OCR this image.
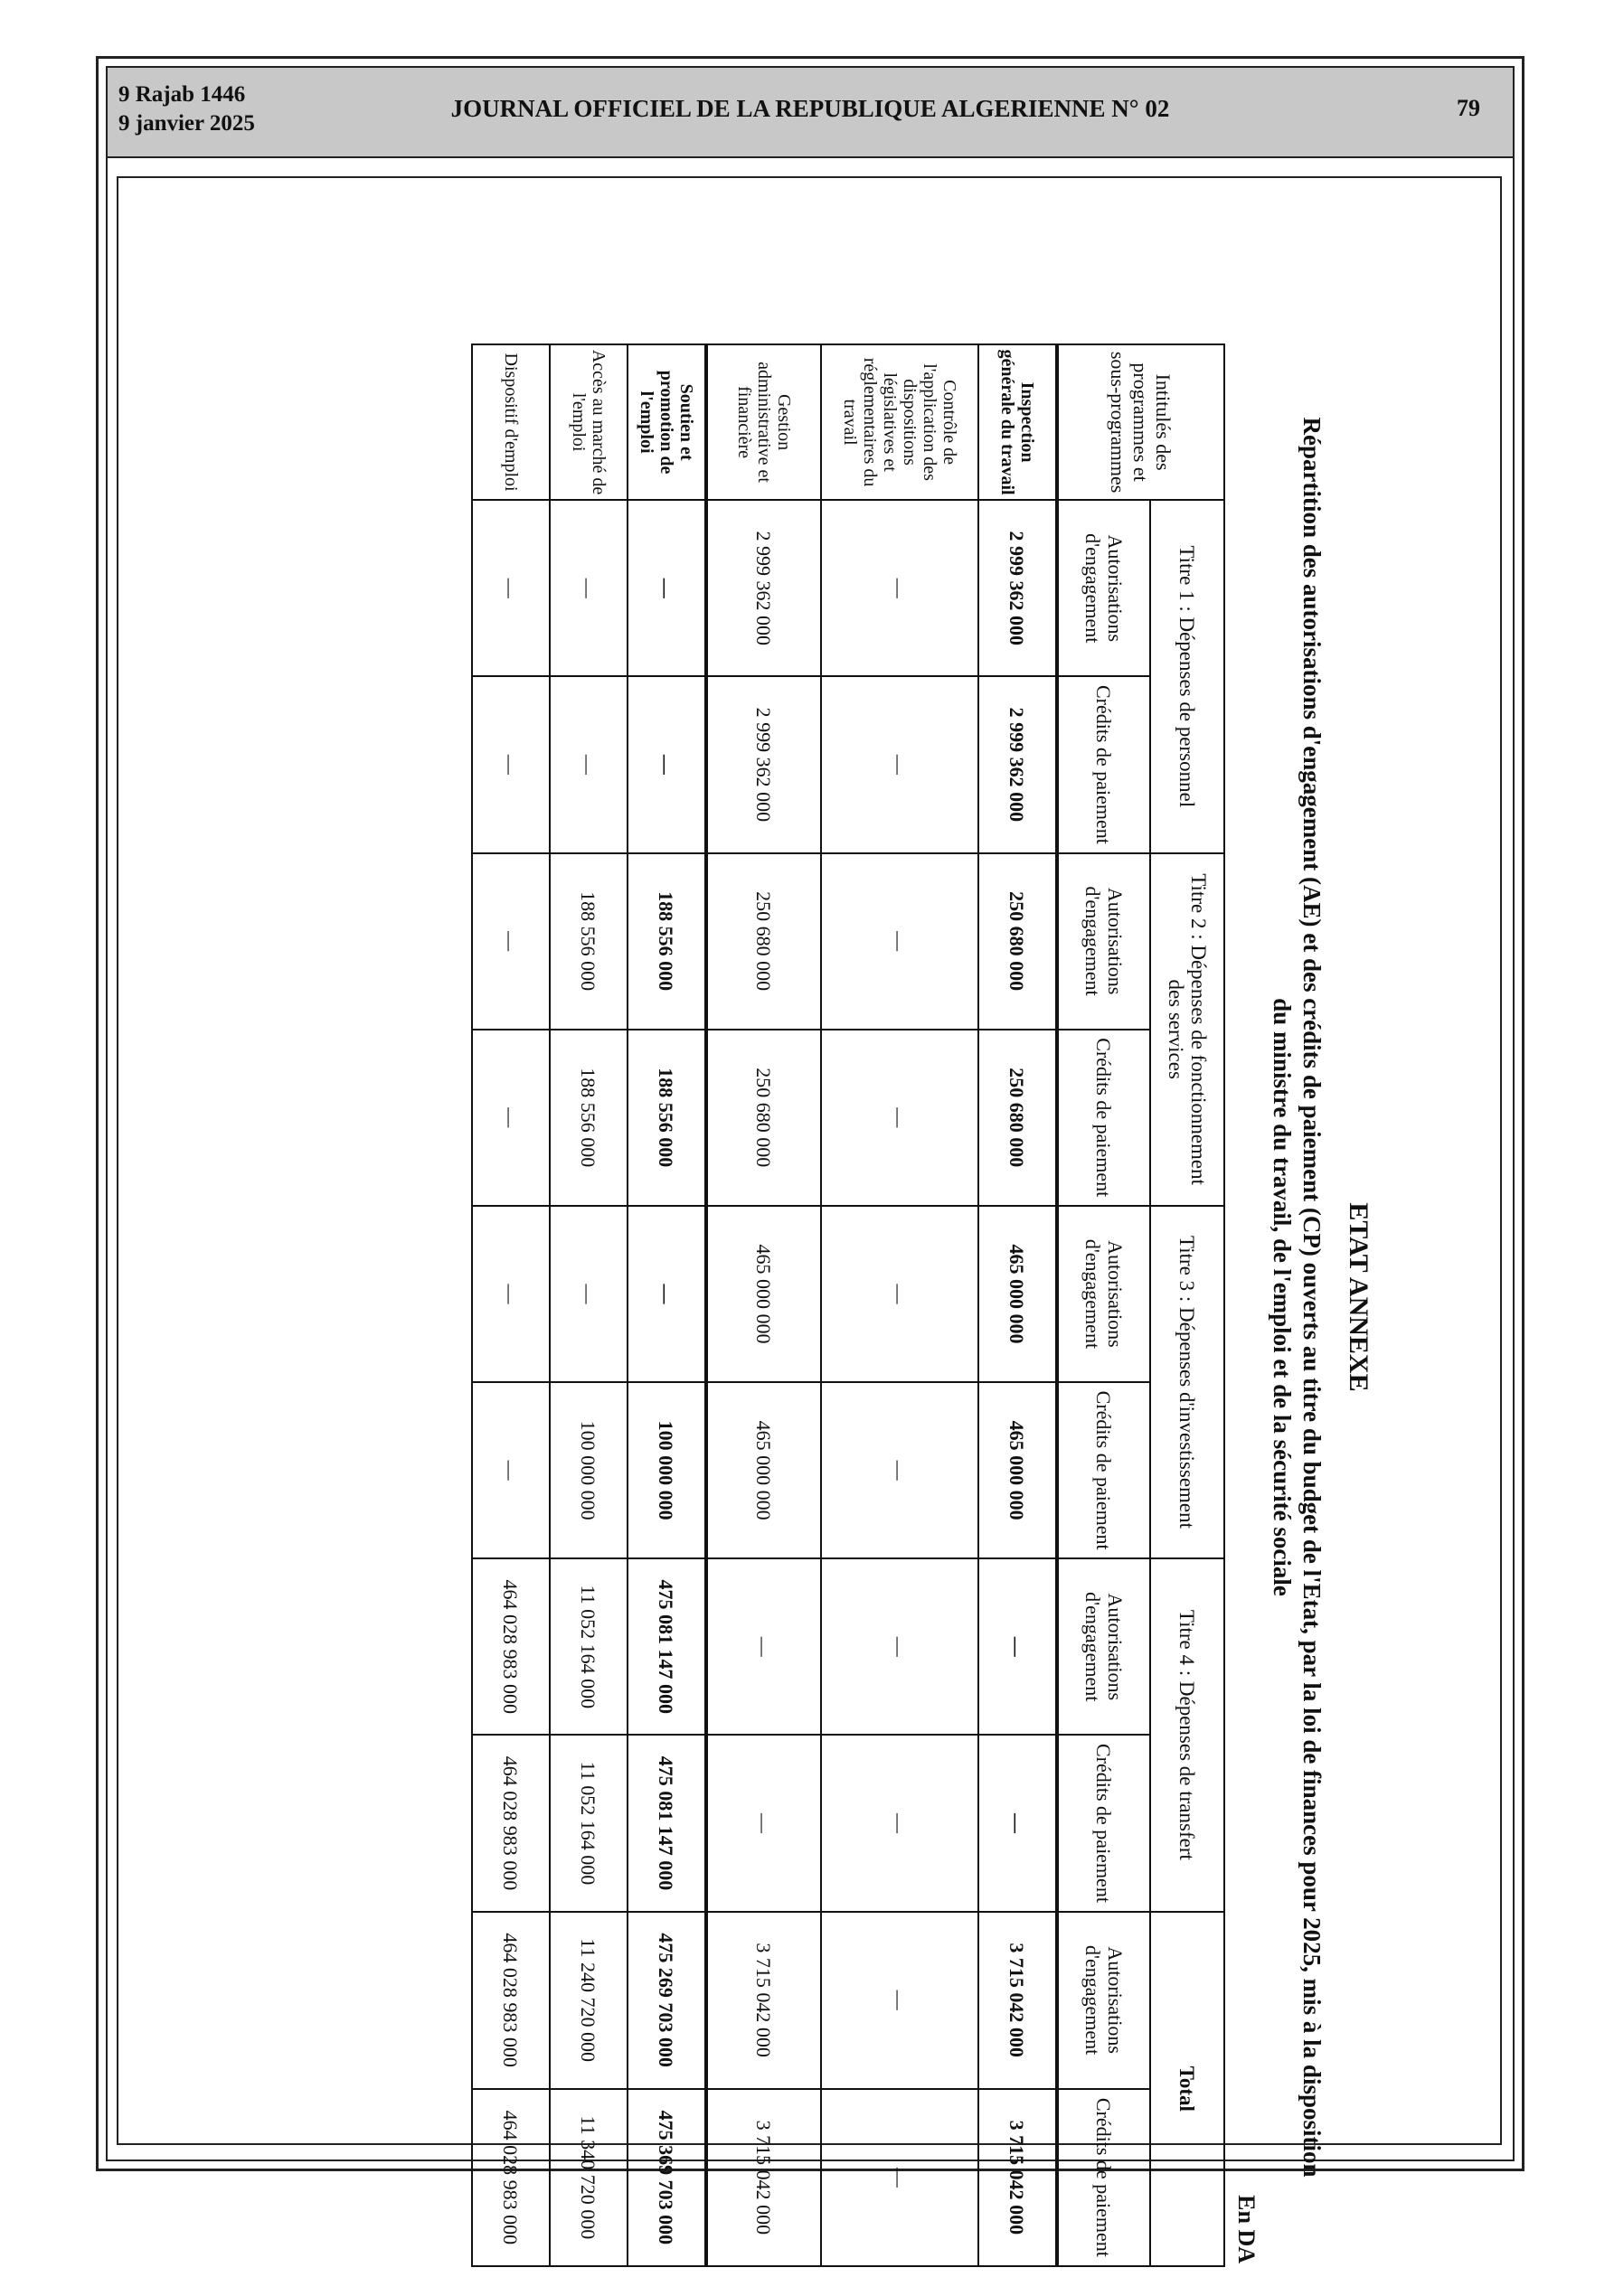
9 Rajab 1446
9 janvier 2025
JOURNAL OFFICIEL DE LA REPUBLIQUE ALGERIENNE N° 02	79
ETAT ANNEXE
Répartition des autorisations d'engagement (AE) et des crédits de paiement (CP) ouverts au titre du budget de l'Etat, par la loi de finances pour 2025, mis à la disposition du ministre du travail, de l'emploi et de la sécurité sociale
En DA
Intitulés des programmes et sous-programmes	Titre 1 : Dépenses de personnel		Titre 2 : Dépenses de fonctionnement des services		Titre 3 : Dépenses d'investissement		Titre 4 : Dépenses de transfert		Total	
	Autorisations d'engagement	Crédits de paiement	Autorisations d'engagement	Crédits de paiement	Autorisations d'engagement	Crédits de paiement	Autorisations d'engagement	Crédits de paiement	Autorisations d'engagement	Crédits de paiement
Inspection générale du travail	2 999 362 000	2 999 362 000	250 680 000	250 680 000	465 000 000	465 000 000	—	—	3 715 042 000	3 715 042 000
Contrôle de l'application des dispositions législatives et réglementaires du travail	—	—	—	—	—	—	—	—	—	—
Gestion administrative et financière	2 999 362 000	2 999 362 000	250 680 000	250 680 000	465 000 000	465 000 000	—	—	3 715 042 000	3 715 042 000
Soutien et promotion de l'emploi	—	—	188 556 000	188 556 000	—	100 000 000	475 081 147 000	475 081 147 000	475 269 703 000	475 369 703 000
Accès au marché de l'emploi	—	—	188 556 000	188 556 000	—	100 000 000	11 052 164 000	11 052 164 000	11 240 720 000	11 340 720 000
Dispositif d'emploi	—	—	—	—	—	—	464 028 983 000	464 028 983 000	464 028 983 000	464 028 983 000
